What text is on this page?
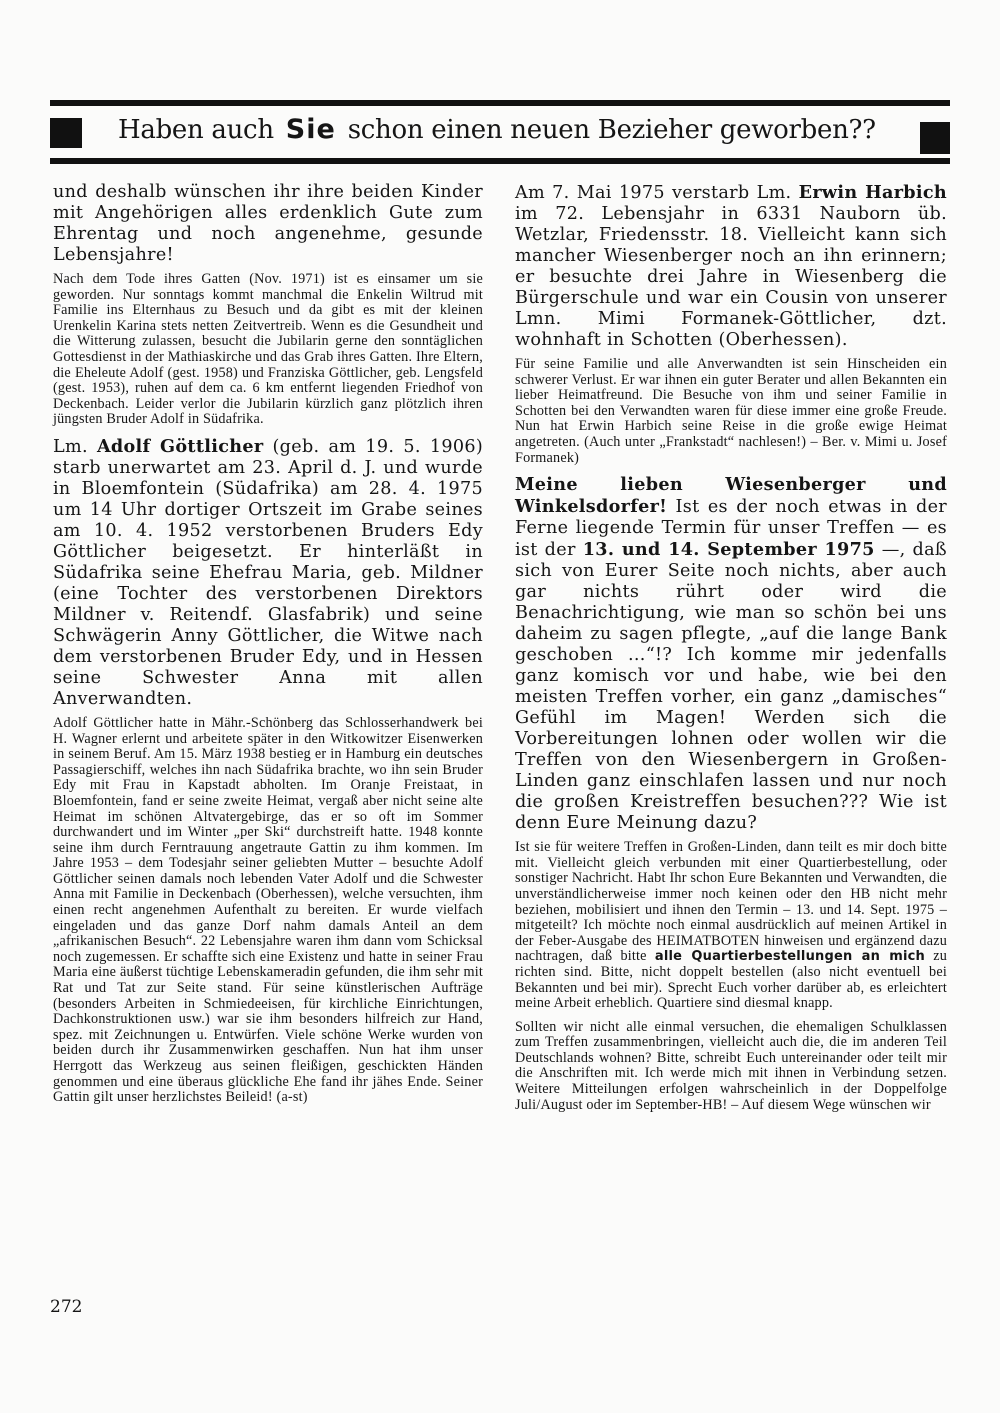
Haben auch Sie schon einen neuen Bezieher geworben??

und deshalb wünschen ihr ihre beiden Kinder mit Angehörigen alles erdenklich Gute zum Ehrentag und noch angenehme, gesunde Lebensjahre!

Nach dem Tode ihres Gatten (Nov. 1971) ist es einsamer um sie geworden. Nur sonntags kommt manchmal die Enkelin Wiltrud mit Familie ins Elternhaus zu Besuch und da gibt es mit der kleinen Urenkelin Karina stets netten Zeitvertreib. Wenn es die Gesundheit und die Witterung zulassen, besucht die Jubilarin gerne den sonntäglichen Gottesdienst in der Mathiaskirche und das Grab ihres Gatten. Ihre Eltern, die Eheleute Adolf (gest. 1958) und Franziska Göttlicher, geb. Lengsfeld (gest. 1953), ruhen auf dem ca. 6 km entfernt liegenden Friedhof von Deckenbach. Leider verlor die Jubilarin kürzlich ganz plötzlich ihren jüngsten Bruder Adolf in Südafrika.

Lm. Adolf Göttlicher (geb. am 19. 5. 1906) starb unerwartet am 23. April d. J. und wurde in Bloemfontein (Südafrika) am 28. 4. 1975 um 14 Uhr dortiger Ortszeit im Grabe seines am 10. 4. 1952 verstorbenen Bruders Edy Göttlicher beigesetzt. Er hinterläßt in Südafrika seine Ehefrau Maria, geb. Mildner (eine Tochter des verstorbenen Direktors Mildner v. Reitendf. Glasfabrik) und seine Schwägerin Anny Göttlicher, die Witwe nach dem verstorbenen Bruder Edy, und in Hessen seine Schwester Anna mit allen Anverwandten.

Adolf Göttlicher hatte in Mähr.-Schönberg das Schlosserhandwerk bei H. Wagner erlernt und arbeitete später in den Witkowitzer Eisenwerken in seinem Beruf. Am 15. März 1938 bestieg er in Hamburg ein deutsches Passagierschiff, welches ihn nach Südafrika brachte, wo ihn sein Bruder Edy mit Frau in Kapstadt abholten. Im Oranje Freistaat, in Bloemfontein, fand er seine zweite Heimat, vergaß aber nicht seine alte Heimat im schönen Altvatergebirge, das er so oft im Sommer durchwandert und im Winter „per Ski“ durchstreift hatte. 1948 konnte seine ihm durch Ferntrauung angetraute Gattin zu ihm kommen. Im Jahre 1953 – dem Todesjahr seiner geliebten Mutter – besuchte Adolf Göttlicher seinen damals noch lebenden Vater Adolf und die Schwester Anna mit Familie in Deckenbach (Oberhessen), welche versuchten, ihm einen recht angenehmen Aufenthalt zu bereiten. Er wurde vielfach eingeladen und das ganze Dorf nahm damals Anteil an dem „afrikanischen Besuch“. 22 Lebensjahre waren ihm dann vom Schicksal noch zugemessen. Er schaffte sich eine Existenz und hatte in seiner Frau Maria eine äußerst tüchtige Lebenskameradin gefunden, die ihm sehr mit Rat und Tat zur Seite stand. Für seine künstlerischen Aufträge (besonders Arbeiten in Schmiedeeisen, für kirchliche Einrichtungen, Dachkonstruktionen usw.) war sie ihm besonders hilfreich zur Hand, spez. mit Zeichnungen u. Entwürfen. Viele schöne Werke wurden von beiden durch ihr Zusammenwirken geschaffen. Nun hat ihm unser Herrgott das Werkzeug aus seinen fleißigen, geschickten Händen genommen und eine überaus glückliche Ehe fand ihr jähes Ende. Seiner Gattin gilt unser herzlichstes Beileid! (a-st)

Am 7. Mai 1975 verstarb Lm. Erwin Harbich im 72. Lebensjahr in 6331 Nauborn üb. Wetzlar, Friedensstr. 18. Vielleicht kann sich mancher Wiesenberger noch an ihn erinnern; er besuchte drei Jahre in Wiesenberg die Bürgerschule und war ein Cousin von unserer Lmn. Mimi Formanek-Göttlicher, dzt. wohnhaft in Schotten (Oberhessen).

Für seine Familie und alle Anverwandten ist sein Hinscheiden ein schwerer Verlust. Er war ihnen ein guter Berater und allen Bekannten ein lieber Heimatfreund. Die Besuche von ihm und seiner Familie in Schotten bei den Verwandten waren für diese immer eine große Freude. Nun hat Erwin Harbich seine Reise in die große ewige Heimat angetreten. (Auch unter „Frankstadt“ nachlesen!) – Ber. v. Mimi u. Josef Formanek)

Meine lieben Wiesenberger und Winkelsdorfer! Ist es der noch etwas in der Ferne liegende Termin für unser Treffen — es ist der 13. und 14. September 1975 —, daß sich von Eurer Seite noch nichts, aber auch gar nichts rührt oder wird die Benachrichtigung, wie man so schön bei uns daheim zu sagen pflegte, „auf die lange Bank geschoben …“!? Ich komme mir jedenfalls ganz komisch vor und habe, wie bei den meisten Treffen vorher, ein ganz „damisches“ Gefühl im Magen! Werden sich die Vorbereitungen lohnen oder wollen wir die Treffen von den Wiesenbergern in Großen-Linden ganz einschlafen lassen und nur noch die großen Kreistreffen besuchen??? Wie ist denn Eure Meinung dazu?

Ist sie für weitere Treffen in Großen-Linden, dann teilt es mir doch bitte mit. Vielleicht gleich verbunden mit einer Quartierbestellung, oder sonstiger Nachricht. Habt Ihr schon Eure Bekannten und Verwandten, die unverständlicherweise immer noch keinen oder den HB nicht mehr beziehen, mobilisiert und ihnen den Termin – 13. und 14. Sept. 1975 – mitgeteilt? Ich möchte noch einmal ausdrücklich auf meinen Artikel in der Feber-Ausgabe des HEIMATBOTEN hinweisen und ergänzend dazu nachtragen, daß bitte alle Quartierbestellungen an mich zu richten sind. Bitte, nicht doppelt bestellen (also nicht eventuell bei Bekannten und bei mir). Sprecht Euch vorher darüber ab, es erleichtert meine Arbeit erheblich. Quartiere sind diesmal knapp.

Sollten wir nicht alle einmal versuchen, die ehemaligen Schulklassen zum Treffen zusammenbringen, vielleicht auch die, die im anderen Teil Deutschlands wohnen? Bitte, schreibt Euch untereinander oder teilt mir die Anschriften mit. Ich werde mich mit ihnen in Verbindung setzen. Weitere Mitteilungen erfolgen wahrscheinlich in der Doppelfolge Juli/August oder im September-HB! – Auf diesem Wege wünschen wir

272
